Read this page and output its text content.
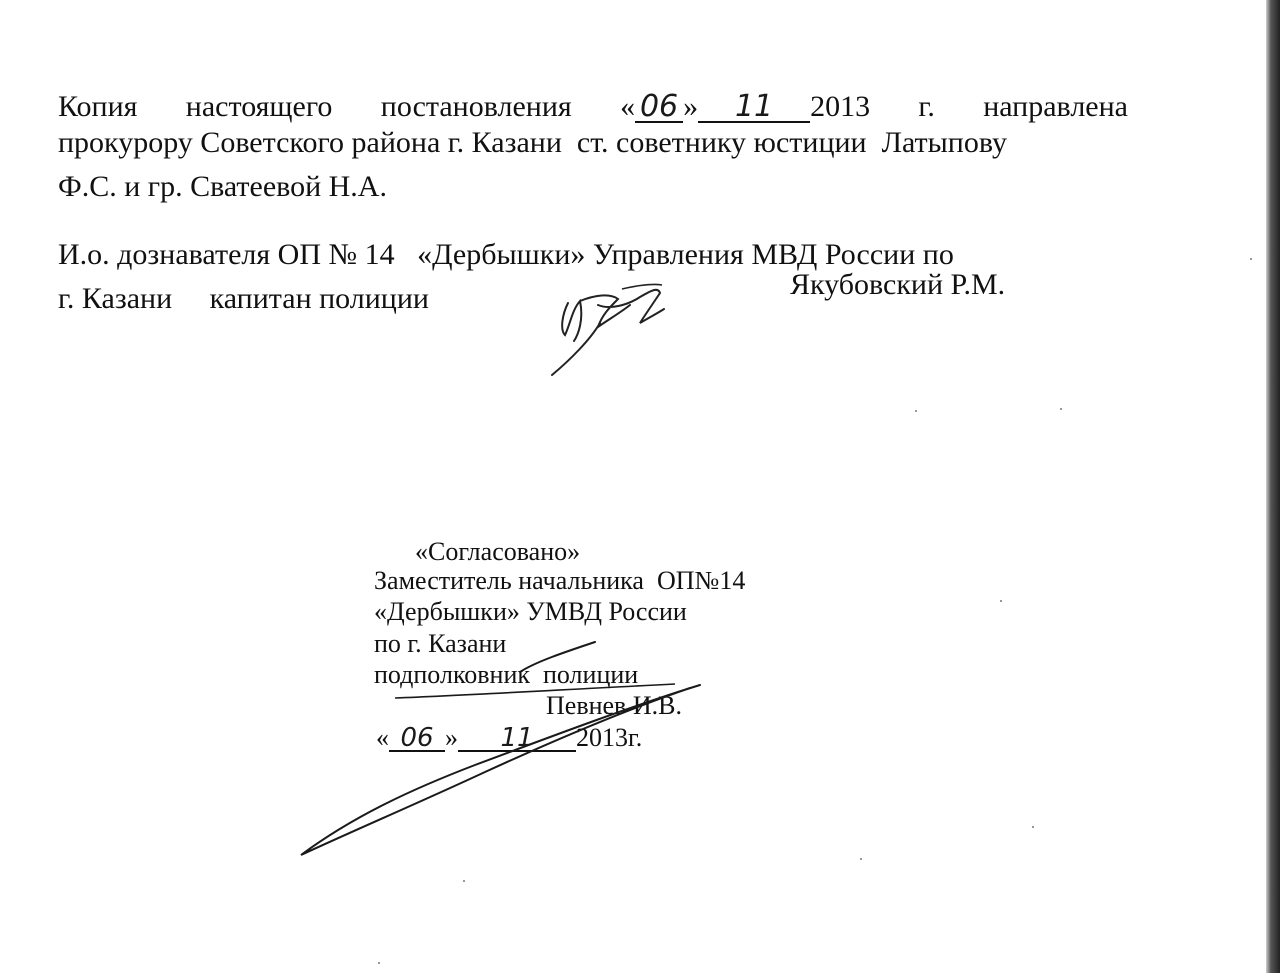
Копия настоящего постановления « 06 » 11 2013 г. направлена
прокурору Советского района г. Казани  ст. советнику юстиции  Латыпову
Ф.С. и гр. Сватеевой Н.А.
И.о. дознавателя ОП № 14   «Дербышки» Управления МВД России по
г. Казани     капитан полиции	Якубовский Р.М.
«Согласовано»
Заместитель начальника  ОП№14
«Дербышки» УМВД России
по г. Казани
подполковник  полиции
Певнев И.В.
« 06 » 11 2013г.
